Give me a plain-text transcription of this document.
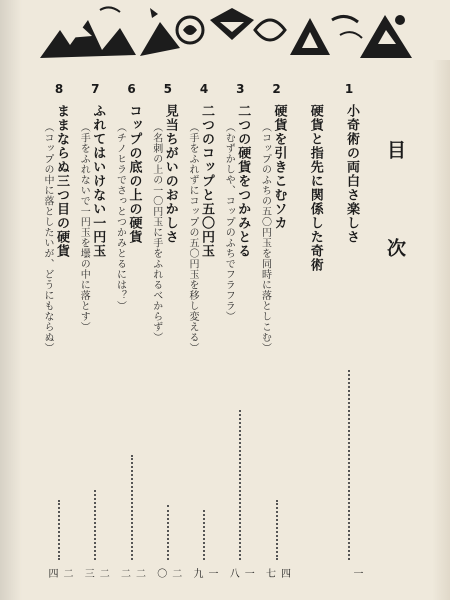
目　次
1
小奇術の両白さ楽しさ
一
硬貨と指先に関係した奇術
2
硬貨を引きこむソカ
（コップのふちの五〇円玉を同時に落としこむ）
四七
3
二つの硬貨をつかみとる
（むずかしや、コップのふちでフラフラ）
一八
4
二つのコップと五〇円玉
（手をふれずにコップの五〇円玉を移し変える）
一九
5
見当ちがいのおかしさ
（名刺の上の一〇円玉に手をふれるべからず）
二〇
6
コップの底の上の硬貨
（チノヒラでさっとつかみとるには？）
二二
7
ふれてはいけない一円玉
（手をふれないで一円玉を壜の中に落とす）
二三
8
ままならぬ三つ目の硬貨
（コップの中に落としたいが、どうにもならぬ）
二四
